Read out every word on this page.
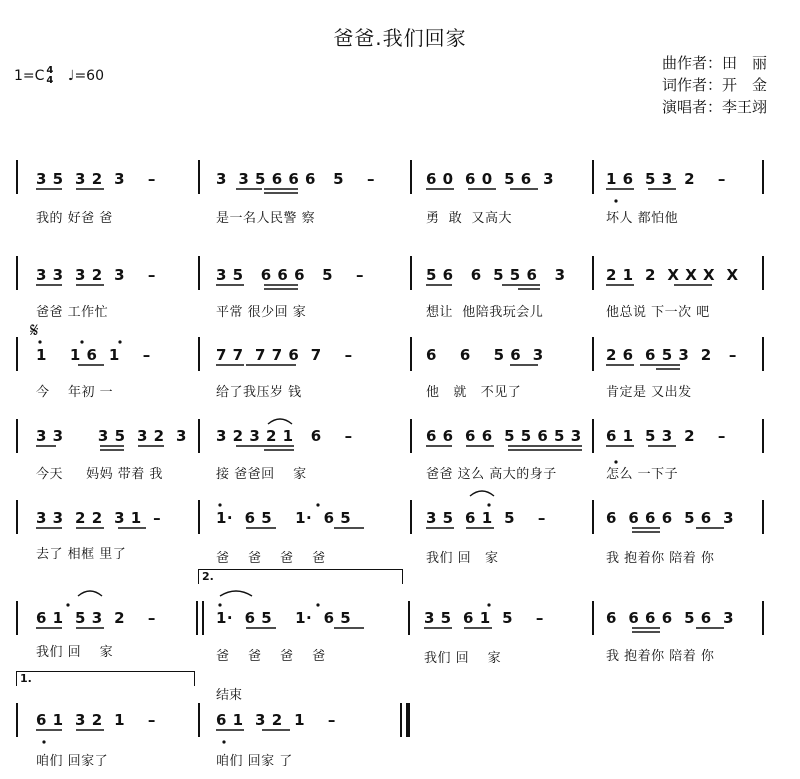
爸爸.我们回家
1=C 4
4 ♩=60
曲作者：田　丽
词作者：开　金
演唱者：李王翊
𝄋
3 5  3 2  3    –
我的 好爸 爸
3  3 5 6 6 6   5    –
是一名人民警 察
6 0  6 0  5 6  3
勇  敢  又高大
1 6  5 3  2    –
坏人 都怕他
3 3  3 2  3    –
爸爸 工作忙
3 5   6 6 6   5    –
平常 很少回 家
5 6   6  5 5 6   3
想让  他陪我玩会儿
2 1  2  X X X  X
他总说 下一次 吧
1    1 6  1    –
今    年初 一
7 7  7 7 6  7    –
给了我压岁 钱
6    6    5 6  3
他   就   不见了
2 6  6 5 3  2   –
肯定是 又出发
3 3      3 5  3 2  3
今天     妈妈 带着 我
3 2 3 2 1   6    –
接 爸爸回    家
6 6  6 6  5 5 6 5 3
爸爸 这么 高大的身子
6 1  5 3  2    –
怎么 一下子
3 3  2 2  3 1  –
去了 相框 里了
1·  6 5    1·  6 5
爸    爸    爸    爸
3 5  6 1  5    –
我们 回   家
6  6 6 6  5 6  3
我 抱着你 陪着 你
6 1  5 3  2    –
我们 回    家
1·  6 5    1·  6 5
爸    爸    爸    爸
3 5  6 1  5    –
我们 回    家
6  6 6 6  5 6  3
我 抱着你 陪着 你
6 1  3 2  1    –
咱们 回家了
6 1  3 2  1    –
咱们 回家 了
2.
1.
结束
